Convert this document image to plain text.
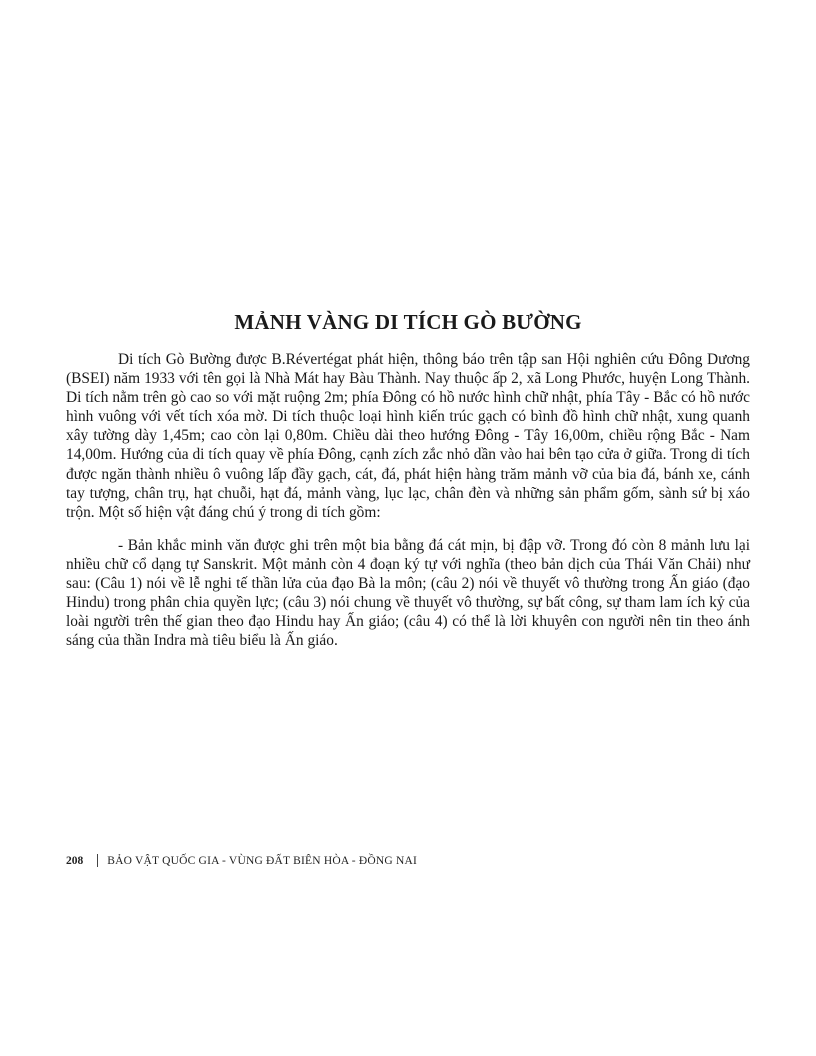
MẢNH VÀNG DI TÍCH GÒ BƯỜNG

Di tích Gò Bường được B.Révertégat phát hiện, thông báo trên tập san Hội nghiên cứu Đông Dương (BSEI) năm 1933 với tên gọi là Nhà Mát hay Bàu Thành. Nay thuộc ấp 2, xã Long Phước, huyện Long Thành. Di tích nằm trên gò cao so với mặt ruộng 2m; phía Đông có hồ nước hình chữ nhật, phía Tây - Bắc có hồ nước hình vuông với vết tích xóa mờ. Di tích thuộc loại hình kiến trúc gạch có bình đồ hình chữ nhật, xung quanh xây tường dày 1,45m; cao còn lại 0,80m. Chiều dài theo hướng Đông - Tây 16,00m, chiều rộng Bắc - Nam 14,00m. Hướng của di tích quay về phía Đông, cạnh zích zắc nhỏ dần vào hai bên tạo cửa ở giữa. Trong di tích được ngăn thành nhiều ô vuông lấp đầy gạch, cát, đá, phát hiện hàng trăm mảnh vỡ của bia đá, bánh xe, cánh tay tượng, chân trụ, hạt chuỗi, hạt đá, mảnh vàng, lục lạc, chân đèn và những sản phẩm gốm, sành sứ bị xáo trộn. Một số hiện vật đáng chú ý trong di tích gồm:

- Bản khắc minh văn được ghi trên một bia bằng đá cát mịn, bị đập vỡ. Trong đó còn 8 mảnh lưu lại nhiều chữ cổ dạng tự Sanskrit. Một mảnh còn 4 đoạn ký tự với nghĩa (theo bản dịch của Thái Văn Chải) như sau: (Câu 1) nói về lễ nghi tế thần lửa của đạo Bà la môn; (câu 2) nói về thuyết vô thường trong Ấn giáo (đạo Hindu) trong phân chia quyền lực; (câu 3) nói chung về thuyết vô thường, sự bất công, sự tham lam ích kỷ của loài người trên thế gian theo đạo Hindu hay Ấn giáo; (câu 4) có thể là lời khuyên con người nên tin theo ánh sáng của thần Indra mà tiêu biểu là Ấn giáo.

208 BẢO VẬT QUỐC GIA - VÙNG ĐẤT BIÊN HÒA - ĐỒNG NAI
